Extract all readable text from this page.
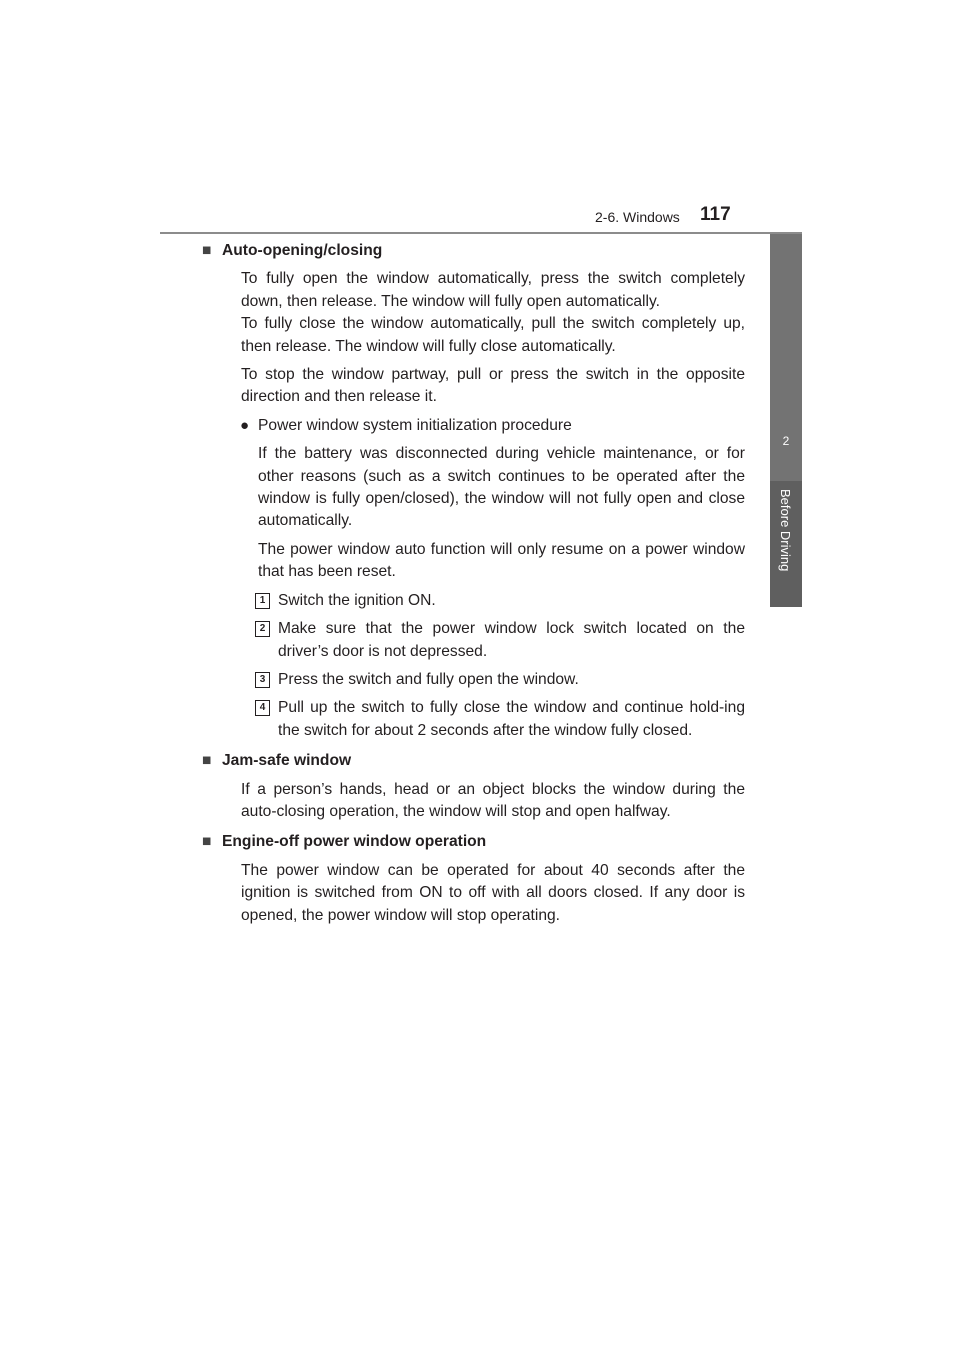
2-6. Windows 117
2
Before Driving
■ Auto-opening/closing
To fully open the window automatically, press the switch completely down, then release. The window will fully open automatically.
To fully close the window automatically, pull the switch completely up, then release. The window will fully close automatically.
To stop the window partway, pull or press the switch in the opposite direction and then release it.
● Power window system initialization procedure
If the battery was disconnected during vehicle maintenance, or for other reasons (such as a switch continues to be operated after the window is fully open/closed), the window will not fully open and close automatically.
The power window auto function will only resume on a power window that has been reset.
1 Switch the ignition ON.
2 Make sure that the power window lock switch located on the driver’s door is not depressed.
3 Press the switch and fully open the window.
4 Pull up the switch to fully close the window and continue hold-ing the switch for about 2 seconds after the window fully closed.
■ Jam-safe window
If a person’s hands, head or an object blocks the window during the auto-closing operation, the window will stop and open halfway.
■ Engine-off power window operation
The power window can be operated for about 40 seconds after the ignition is switched from ON to off with all doors closed. If any door is opened, the power window will stop operating.
